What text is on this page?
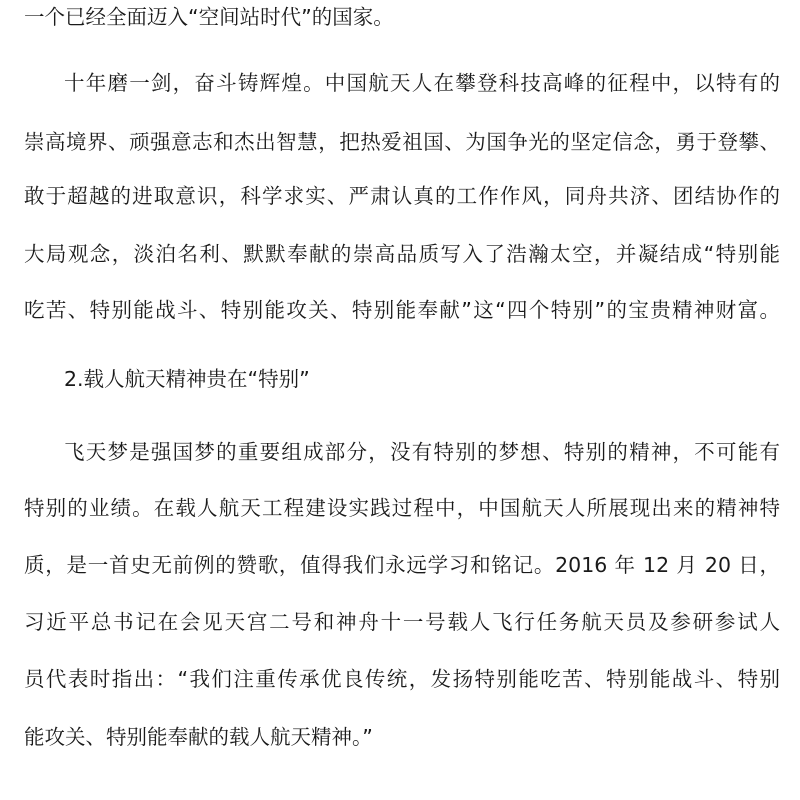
一个已经全面迈入“空间站时代”的国家。
十年磨一剑，奋斗铸辉煌。中国航天人在攀登科技高峰的征程中，以特有的
崇高境界、顽强意志和杰出智慧，把热爱祖国、为国争光的坚定信念，勇于登攀、
敢于超越的进取意识，科学求实、严肃认真的工作作风，同舟共济、团结协作的
大局观念，淡泊名利、默默奉献的崇高品质写入了浩瀚太空，并凝结成“特别能
吃苦、特别能战斗、特别能攻关、特别能奉献”这“四个特别”的宝贵精神财富。
2.载人航天精神贵在“特别”
飞天梦是强国梦的重要组成部分，没有特别的梦想、特别的精神，不可能有
特别的业绩。在载人航天工程建设实践过程中，中国航天人所展现出来的精神特
质，是一首史无前例的赞歌，值得我们永远学习和铭记。2016 年 12 月 20 日，
习近平总书记在会见天宫二号和神舟十一号载人飞行任务航天员及参研参试人
员代表时指出：“我们注重传承优良传统，发扬特别能吃苦、特别能战斗、特别
能攻关、特别能奉献的载人航天精神。”
